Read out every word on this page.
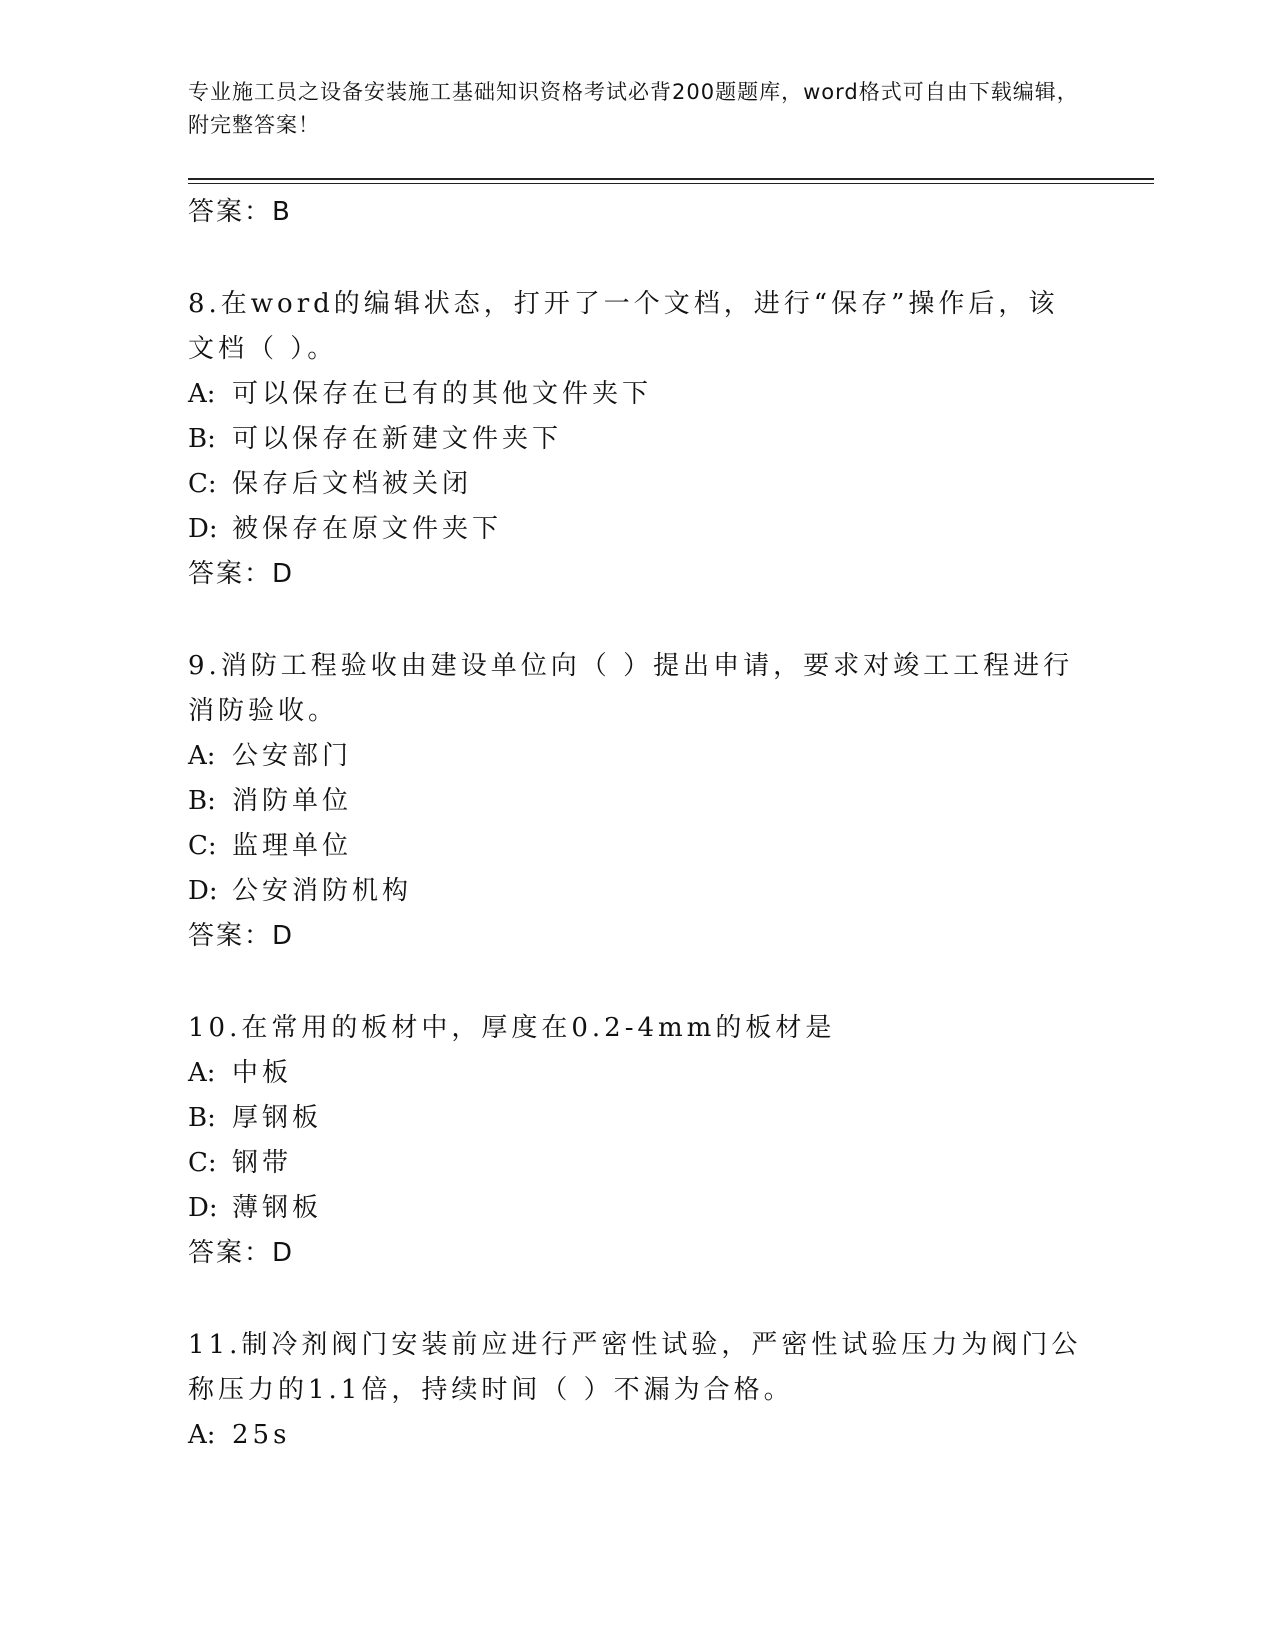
专业施工员之设备安装施工基础知识资格考试必背200题题库，word格式可自由下载编辑，附完整答案！
答案：B
8.在word的编辑状态，打开了一个文档，进行“保存”操作后，该文档（ ）。
A: 可以保存在已有的其他文件夹下
B: 可以保存在新建文件夹下
C: 保存后文档被关闭
D: 被保存在原文件夹下
答案：D
9.消防工程验收由建设单位向（ ）提出申请，要求对竣工工程进行消防验收。
A: 公安部门
B: 消防单位
C: 监理单位
D: 公安消防机构
答案：D
10.在常用的板材中，厚度在0.2-4mm的板材是
A: 中板
B: 厚钢板
C: 钢带
D: 薄钢板
答案：D
11.制冷剂阀门安装前应进行严密性试验，严密性试验压力为阀门公称压力的1.1倍，持续时间（ ）不漏为合格。
A: 25s
